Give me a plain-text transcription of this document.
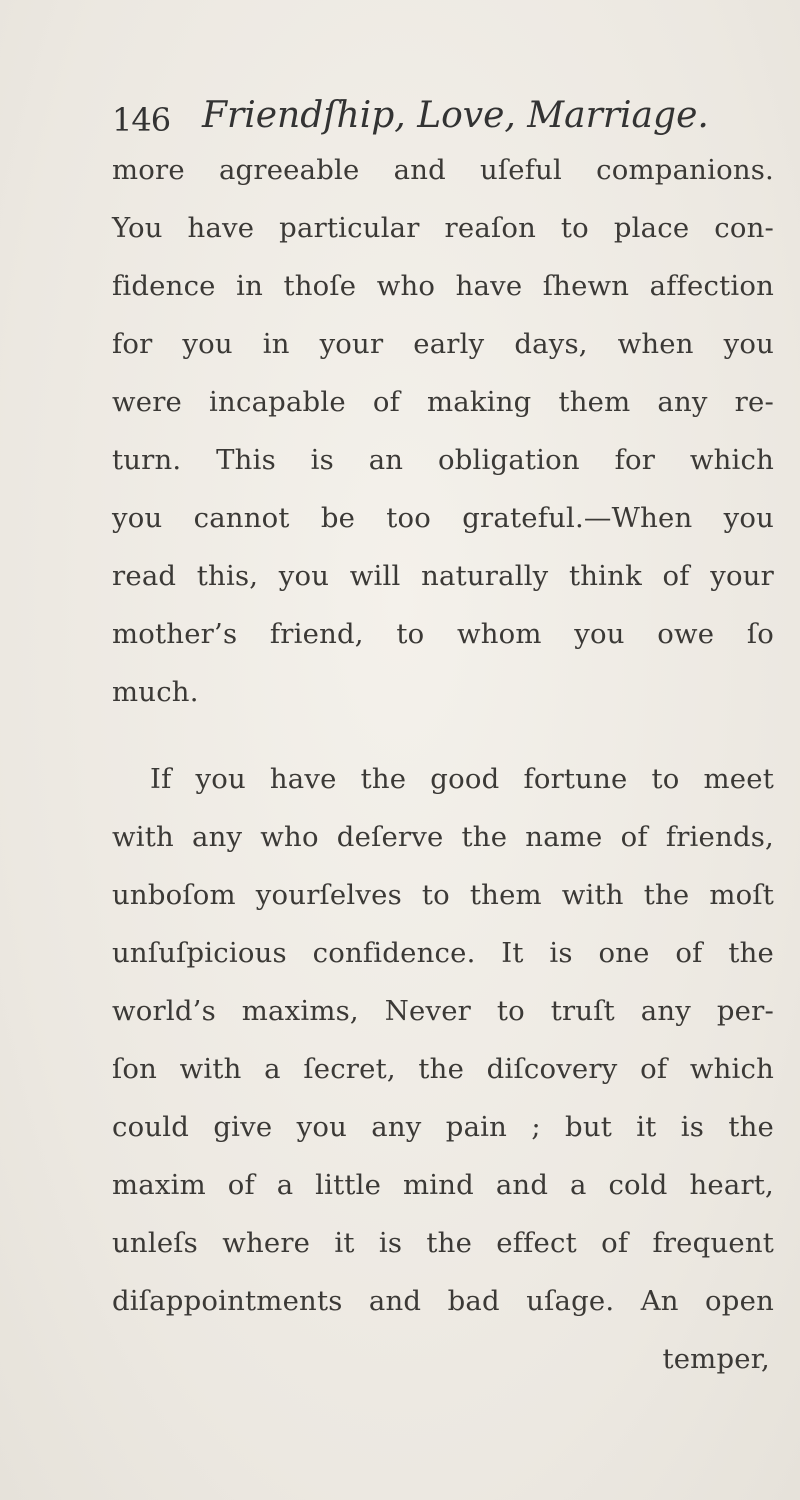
146 Friendſhip, Love, Marriage.
more agreeable and uſeful companions.
You have particular reaſon to place con-
fidence in thoſe who have ſhewn affection
for you in your early days, when you
were incapable of making them any re-
turn. This is an obligation for which
you cannot be too grateful.—When you
read this, you will naturally think of your
mother’s friend, to whom you owe ſo
much.
If you have the good fortune to meet
with any who deſerve the name of friends,
unboſom yourſelves to them with the moſt
unſuſpicious confidence. It is one of the
world’s maxims, Never to truſt any per-
ſon with a ſecret, the diſcovery of which
could give you any pain ; but it is the
maxim of a little mind and a cold heart,
unleſs where it is the effect of frequent
diſappointments and bad uſage. An open
temper,
